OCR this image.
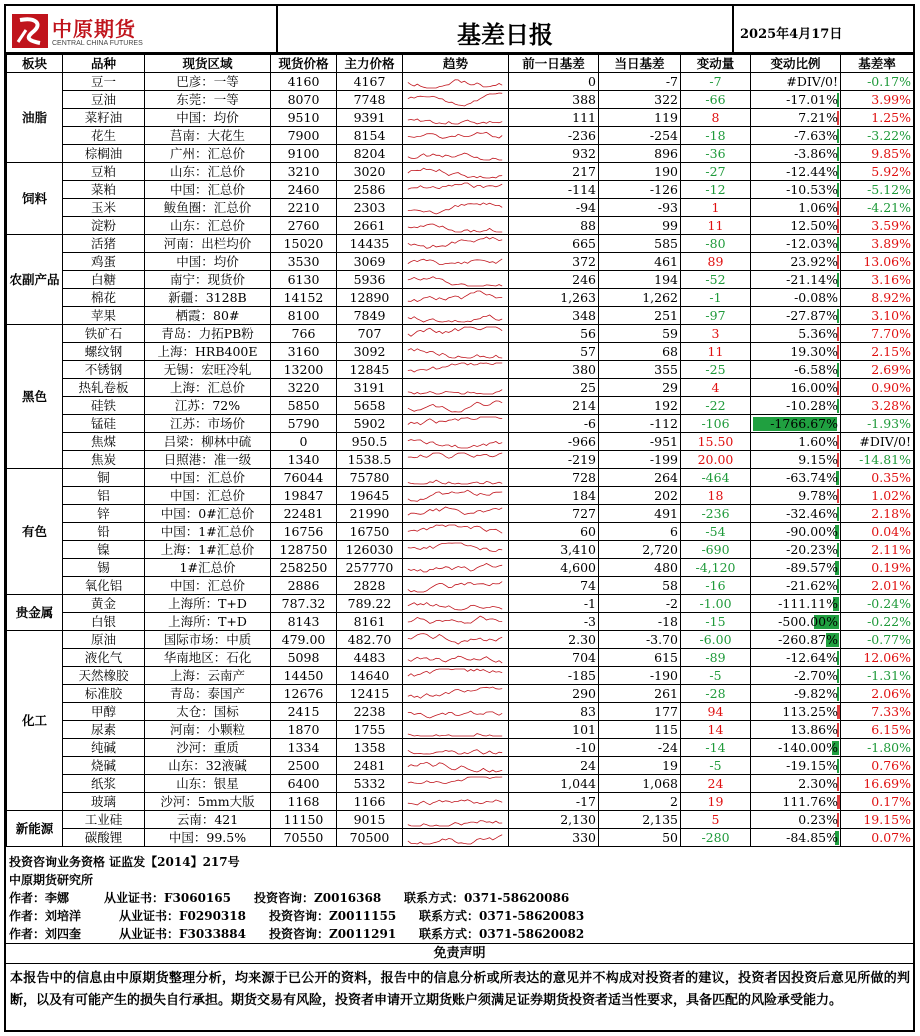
中原期货
CENTRAL CHINA FUTURES	基差日报	2025年4月17日
板块	品种	现货区域	现货价格	主力价格	趋势	前一日基差	当日基差	变动量	变动比例	基差率
油脂	豆一	巴彦：一等	4160	4167		0	-7	-7	#DIV/0!	-0.17%
	豆油	东莞：一等	8070	7748		388	322	-66	-17.01%	3.99%
	菜籽油	中国：均价	9510	9391		111	119	8	7.21%	1.25%
	花生	莒南：大花生	7900	8154		-236	-254	-18	-7.63%	-3.22%
	棕榈油	广州：汇总价	9100	8204		932	896	-36	-3.86%	9.85%
饲料	豆粕	山东：汇总价	3210	3020		217	190	-27	-12.44%	5.92%
	菜粕	中国：汇总价	2460	2586		-114	-126	-12	-10.53%	-5.12%
	玉米	鲅鱼圈：汇总价	2210	2303		-94	-93	1	1.06%	-4.21%
	淀粉	山东：汇总价	2760	2661		88	99	11	12.50%	3.59%
农副产品	活猪	河南：出栏均价	15020	14435		665	585	-80	-12.03%	3.89%
	鸡蛋	中国：均价	3530	3069		372	461	89	23.92%	13.06%
	白糖	南宁：现货价	6130	5936		246	194	-52	-21.14%	3.16%
	棉花	新疆：3128B	14152	12890		1,263	1,262	-1	-0.08%	8.92%
	苹果	栖霞：80#	8100	7849		348	251	-97	-27.87%	3.10%
黑色	铁矿石	青岛：力拓PB粉	766	707		56	59	3	5.36%	7.70%
	螺纹钢	上海：HRB400E	3160	3092		57	68	11	19.30%	2.15%
	不锈钢	无锡：宏旺冷轧	13200	12845		380	355	-25	-6.58%	2.69%
	热轧卷板	上海：汇总价	3220	3191		25	29	4	16.00%	0.90%
	硅铁	江苏：72%	5850	5658		214	192	-22	-10.28%	3.28%
	锰硅	江苏：市场价	5790	5902		-6	-112	-106	-1766.67%	-1.93%
	焦煤	吕梁：柳林中硫	0	950.5		-966	-951	15.50	1.60%	#DIV/0!
	焦炭	日照港：准一级	1340	1538.5		-219	-199	20.00	9.15%	-14.81%
有色	铜	中国：汇总价	76044	75780		728	264	-464	-63.74%	0.35%
	铝	中国：汇总价	19847	19645		184	202	18	9.78%	1.02%
	锌	中国：0#汇总价	22481	21990		727	491	-236	-32.46%	2.18%
	铅	中国：1#汇总价	16756	16750		60	6	-54	-90.00%	0.04%
	镍	上海：1#汇总价	128750	126030		3,410	2,720	-690	-20.23%	2.11%
	锡	1#汇总价	258250	257770		4,600	480	-4,120	-89.57%	0.19%
	氧化铝	中国：汇总价	2886	2828		74	58	-16	-21.62%	2.01%
贵金属	黄金	上海所：T+D	787.32	789.22		-1	-2	-1.00	-111.11%	-0.24%
	白银	上海所：T+D	8143	8161		-3	-18	-15	-500.00%	-0.22%
化工	原油	国际市场：中质	479.00	482.70		2.30	-3.70	-6.00	-260.87%	-0.77%
	液化气	华南地区：石化	5098	4483		704	615	-89	-12.64%	12.06%
	天然橡胶	上海：云南产	14450	14640		-185	-190	-5	-2.70%	-1.31%
	标准胶	青岛：泰国产	12676	12415		290	261	-28	-9.82%	2.06%
	甲醇	太仓：国标	2415	2238		83	177	94	113.25%	7.33%
	尿素	河南：小颗粒	1870	1755		101	115	14	13.86%	6.15%
	纯碱	沙河：重质	1334	1358		-10	-24	-14	-140.00%	-1.80%
	烧碱	山东：32液碱	2500	2481		24	19	-5	-19.15%	0.76%
	纸浆	山东：银星	6400	5332		1,044	1,068	24	2.30%	16.69%
	玻璃	沙河：5mm大版	1168	1166		-17	2	19	111.76%	0.17%
新能源	工业硅	云南：421	11150	9015		2,130	2,135	5	0.23%	19.15%
	碳酸锂	中国：99.5%	70550	70500		330	50	-280	-84.85%	0.07%
投资咨询业务资格 证监发【2014】217号
中原期货研究所
作者：李娜	从业证书：F3060165 投资咨询：Z0016368 联系方式：0371-58620086
作者：刘培洋	从业证书：F0290318 投资咨询：Z0011155 联系方式：0371-58620083
作者：刘四奎	从业证书：F3033884 投资咨询：Z0011291 联系方式：0371-58620082
免责声明
本报告中的信息由中原期货整理分析，均来源于已公开的资料，报告中的信息分析或所表达的意见并不构成对投资者的建议，投资者因投资后意见所做的判断，以及有可能产生的损失自行承担。期货交易有风险，投资者申请开立期货账户须满足证券期货投资者适当性要求，具备匹配的风险承受能力。
